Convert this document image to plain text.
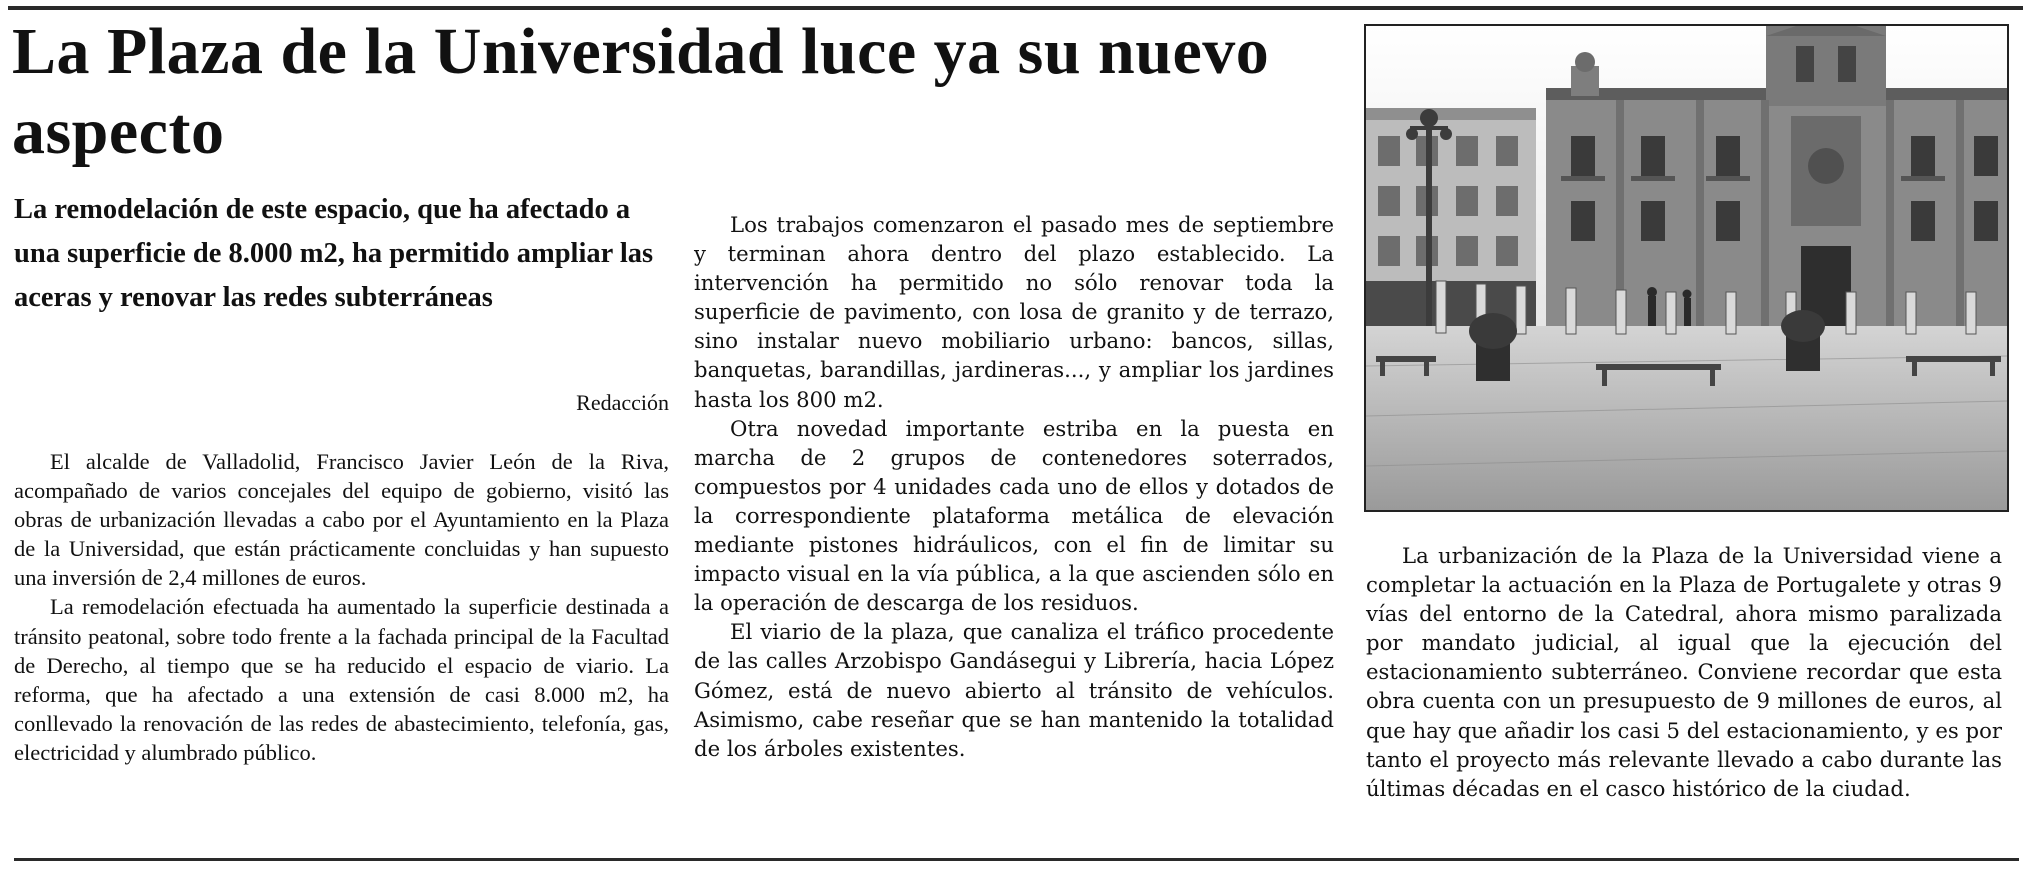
La Plaza de la Universidad luce ya su nuevo aspecto
La remodelación de este espacio, que ha afectado a una superficie de 8.000 m2, ha permitido ampliar las aceras y renovar las redes subterráneas
Redacción

El alcalde de Valladolid, Francisco Javier León de la Riva, acompañado de varios concejales del equipo de gobierno, visitó las obras de urbanización llevadas a cabo por el Ayuntamiento en la Plaza de la Universidad, que están prácticamente concluidas y han supuesto una inversión de 2,4 millones de euros.

La remodelación efectuada ha aumentado la superficie destinada a tránsito peatonal, sobre todo frente a la fachada principal de la Facultad de Derecho, al tiempo que se ha reducido el espacio de viario. La reforma, que ha afectado a una extensión de casi 8.000 m2, ha conllevado la renovación de las redes de abastecimiento, telefonía, gas, electricidad y alumbrado público.

Los trabajos comenzaron el pasado mes de septiembre y terminan ahora dentro del plazo establecido. La intervención ha permitido no sólo renovar toda la superficie de pavimento, con losa de granito y de terrazo, sino instalar nuevo mobiliario urbano: bancos, sillas, banquetas, barandillas, jardineras..., y ampliar los jardines hasta los 800 m2.

Otra novedad importante estriba en la puesta en marcha de 2 grupos de contenedores soterrados, compuestos por 4 unidades cada uno de ellos y dotados de la correspondiente plataforma metálica de elevación mediante pistones hidráulicos, con el fin de limitar su impacto visual en la vía pública, a la que ascienden sólo en la operación de descarga de los residuos.

El viario de la plaza, que canaliza el tráfico procedente de las calles Arzobispo Gandásegui y Librería, hacia López Gómez, está de nuevo abierto al tránsito de vehículos. Asimismo, cabe reseñar que se han mantenido la totalidad de los árboles existentes.

La urbanización de la Plaza de la Universidad viene a completar la actuación en la Plaza de Portugalete y otras 9 vías del entorno de la Catedral, ahora mismo paralizada por mandato judicial, al igual que la ejecución del estacionamiento subterráneo. Conviene recordar que esta obra cuenta con un presupuesto de 9 millones de euros, al que hay que añadir los casi 5 del estacionamiento, y es por tanto el proyecto más relevante llevado a cabo durante las últimas décadas en el casco histórico de la ciudad.
